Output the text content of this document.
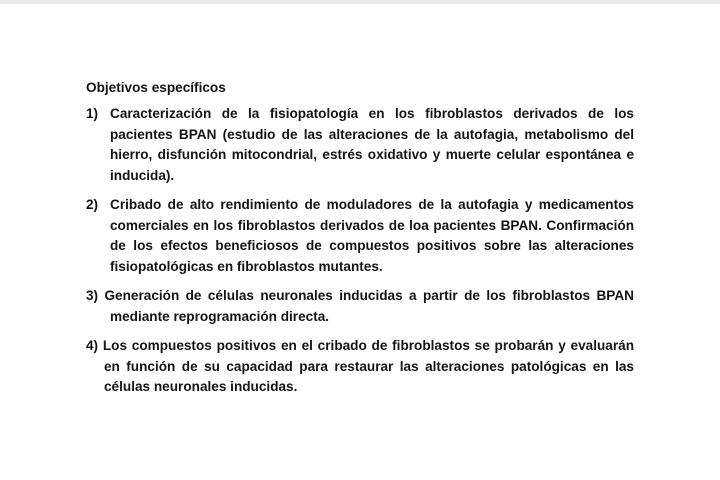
Objetivos específicos
1) Caracterización de la fisiopatología en los fibroblastos derivados de los pacientes BPAN (estudio de las alteraciones de la autofagia, metabolismo del hierro, disfunción mitocondrial, estrés oxidativo y muerte celular espontánea e inducida).
2) Cribado de alto rendimiento de moduladores de la autofagia y medicamentos comerciales en los fibroblastos derivados de loa pacientes BPAN. Confirmación de los efectos beneficiosos de compuestos positivos sobre las alteraciones fisiopatológicas en fibroblastos mutantes.
3) Generación de células neuronales inducidas a partir de los fibroblastos BPAN mediante reprogramación directa.
4) Los compuestos positivos en el cribado de fibroblastos se probarán y evaluarán en función de su capacidad para restaurar las alteraciones patológicas en las células neuronales inducidas.
